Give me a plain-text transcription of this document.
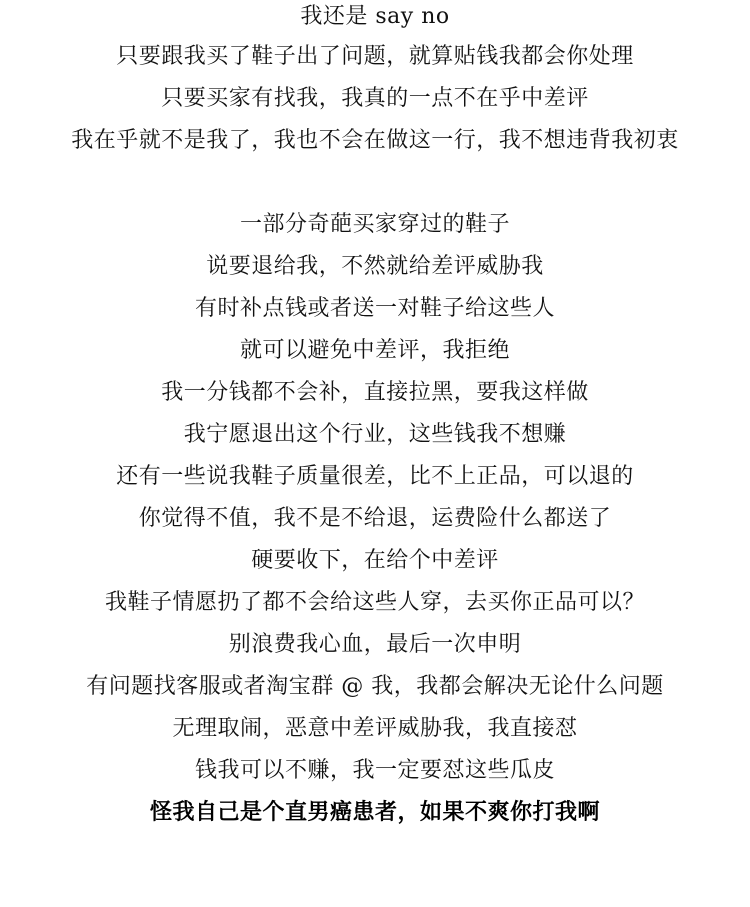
我还是 say no
只要跟我买了鞋子出了问题，就算贴钱我都会你处理
只要买家有找我，我真的一点不在乎中差评
我在乎就不是我了，我也不会在做这一行，我不想违背我初衷
一部分奇葩买家穿过的鞋子
说要退给我，不然就给差评威胁我
有时补点钱或者送一对鞋子给这些人
就可以避免中差评，我拒绝
我一分钱都不会补，直接拉黑，要我这样做
我宁愿退出这个行业，这些钱我不想赚
还有一些说我鞋子质量很差，比不上正品，可以退的
你觉得不值，我不是不给退，运费险什么都送了
硬要收下，在给个中差评
我鞋子情愿扔了都不会给这些人穿，去买你正品可以？
别浪费我心血，最后一次申明
有问题找客服或者淘宝群 @ 我，我都会解决无论什么问题
无理取闹，恶意中差评威胁我，我直接怼
钱我可以不赚，我一定要怼这些瓜皮
怪我自己是个直男癌患者，如果不爽你打我啊
